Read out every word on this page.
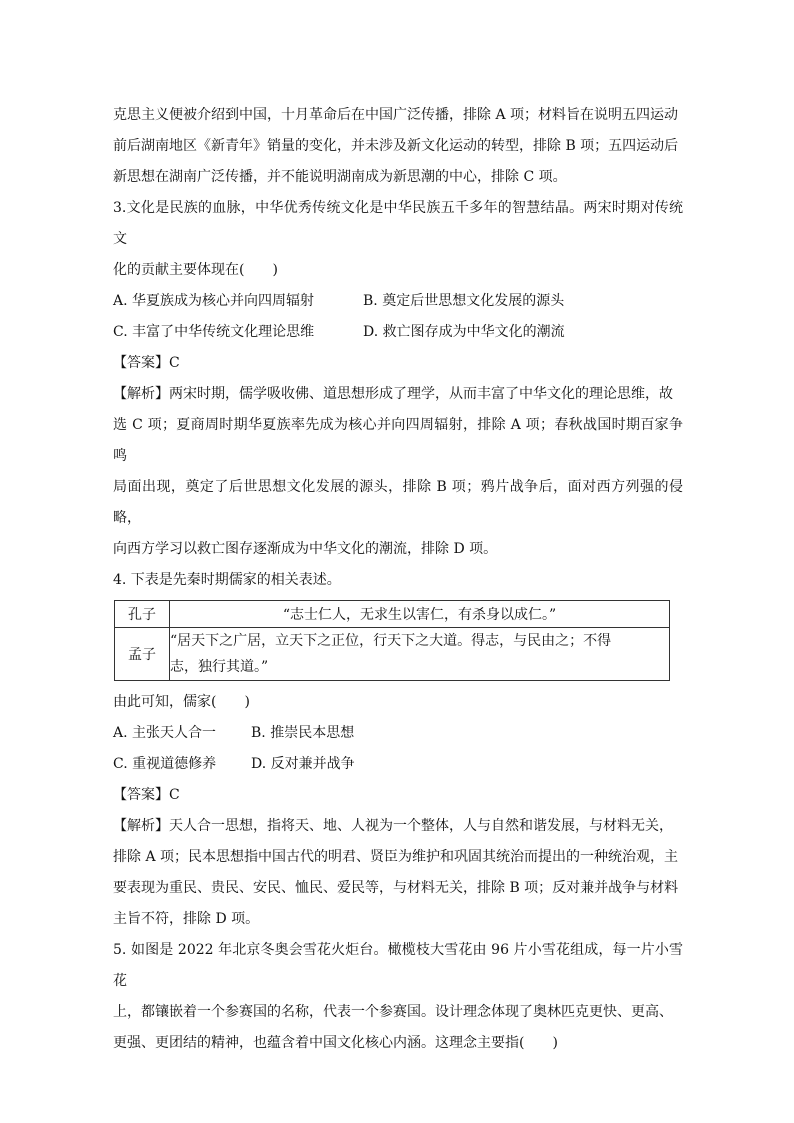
克思主义便被介绍到中国，十月革命后在中国广泛传播，排除 A 项；材料旨在说明五四运动

前后湖南地区《新青年》销量的变化，并未涉及新文化运动的转型，排除 B 项；五四运动后

新思想在湖南广泛传播，并不能说明湖南成为新思潮的中心，排除 C 项。

3.文化是民族的血脉，中华优秀传统文化是中华民族五千多年的智慧结晶。两宋时期对传统文

化的贡献主要体现在(　　)

A. 华夏族成为核心并向四周辐射	B. 奠定后世思想文化发展的源头
C. 丰富了中华传统文化理论思维	D. 救亡图存成为中华文化的潮流

【答案】C

【解析】两宋时期，儒学吸收佛、道思想形成了理学，从而丰富了中华文化的理论思维，故

选 C 项；夏商周时期华夏族率先成为核心并向四周辐射，排除 A 项；春秋战国时期百家争鸣

局面出现，奠定了后世思想文化发展的源头，排除 B 项；鸦片战争后，面对西方列强的侵略，

向西方学习以救亡图存逐渐成为中华文化的潮流，排除 D 项。

4. 下表是先秦时期儒家的相关表述。

孔子	“志士仁人，无求生以害仁，有杀身以成仁。”
孟子	“居天下之广居，立天下之正位，行天下之大道。得志，与民由之；不得
志，独行其道。”

由此可知，儒家(　　)

A. 主张天人合一	B. 推崇民本思想
C. 重视道德修养	D. 反对兼并战争

【答案】C

【解析】天人合一思想，指将天、地、人视为一个整体，人与自然和谐发展，与材料无关，

排除 A 项；民本思想指中国古代的明君、贤臣为维护和巩固其统治而提出的一种统治观，主

要表现为重民、贵民、安民、恤民、爱民等，与材料无关，排除 B 项；反对兼并战争与材料

主旨不符，排除 D 项。

5. 如图是 2022 年北京冬奥会雪花火炬台。橄榄枝大雪花由 96 片小雪花组成，每一片小雪花

上，都镶嵌着一个参赛国的名称，代表一个参赛国。设计理念体现了奥林匹克更快、更高、

更强、更团结的精神，也蕴含着中国文化核心内涵。这理念主要指(　　)
